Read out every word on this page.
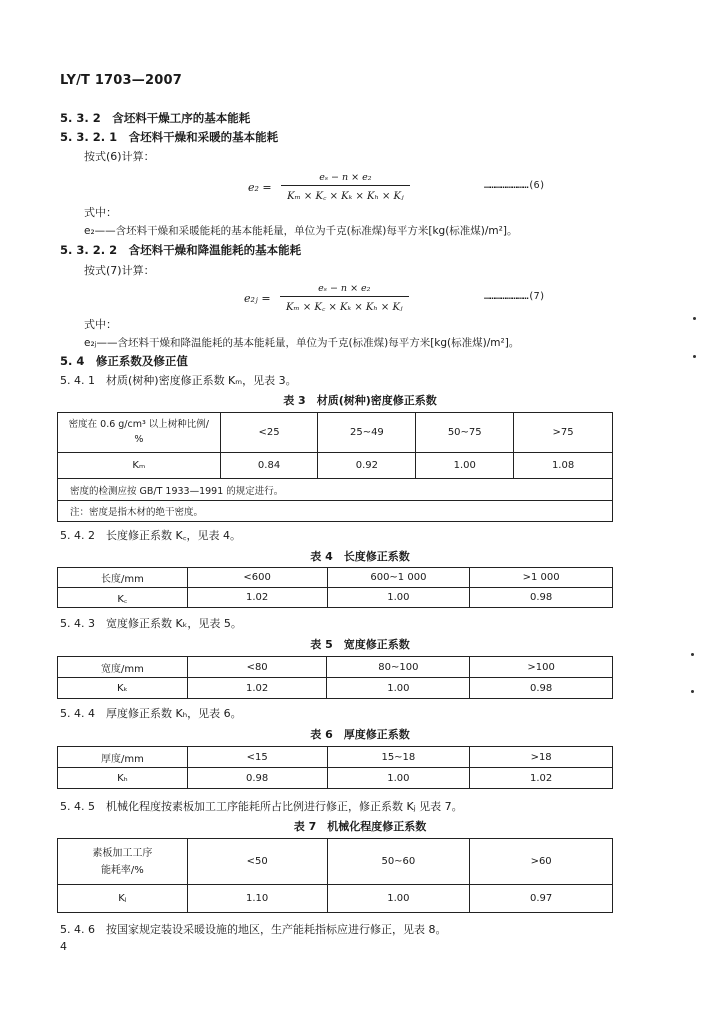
LY/T 1703—2007
5. 3. 2　含坯料干燥工序的基本能耗
5. 3. 2. 1　含坯料干燥和采暖的基本能耗
按式(6)计算：
$e_2 = \frac{\text{eₛ − n × e₂}}{\text{Kₘ × K꜀ × Kₖ × Kₕ × Kⱼ}}$	……………………(6)
式中：
e₂——含坯料干燥和采暖能耗的基本能耗量，单位为千克(标准煤)每平方米[kg(标准煤)/m²]。
5. 3. 2. 2　含坯料干燥和降温能耗的基本能耗
按式(7)计算：
e₂ⱼ = $\frac{\text{eₛ − n × e₂}}{\text{Kₘ × K꜀ × Kₖ × Kₕ × Kⱼ}}$	……………………(7)
式中：
e₂ⱼ——含坯料干燥和降温能耗的基本能耗量，单位为千克(标准煤)每平方米[kg(标准煤)/m²]。
5. 4　修正系数及修正值
5. 4. 1　材质(树种)密度修正系数 Kₘ，见表 3。
表 3　材质(树种)密度修正系数
密度在 0.6 g/cm³ 以上树种比例/
%	<25	25~49	50~75	>75
Kₘ	0.84	0.92	1.00	1.08
密度的检测应按 GB/T 1933—1991 的规定进行。				
注：密度是指木材的绝干密度。				
5. 4. 2　长度修正系数 K꜀，见表 4。
表 4　长度修正系数
长度/mm	<600	600~1 000	>1 000
K꜀	1.02	1.00	0.98
5. 4. 3　宽度修正系数 Kₖ，见表 5。
表 5　宽度修正系数
宽度/mm	<80	80~100	>100
Kₖ	1.02	1.00	0.98
5. 4. 4　厚度修正系数 Kₕ，见表 6。
表 6　厚度修正系数
厚度/mm	<15	15~18	>18
Kₕ	0.98	1.00	1.02
5. 4. 5　机械化程度按素板加工工序能耗所占比例进行修正，修正系数 Kⱼ 见表 7。
表 7　机械化程度修正系数
素板加工工序
能耗率/%	<50	50~60	>60
Kⱼ	1.10	1.00	0.97
5. 4. 6　按国家规定装设采暖设施的地区，生产能耗指标应进行修正，见表 8。
4
